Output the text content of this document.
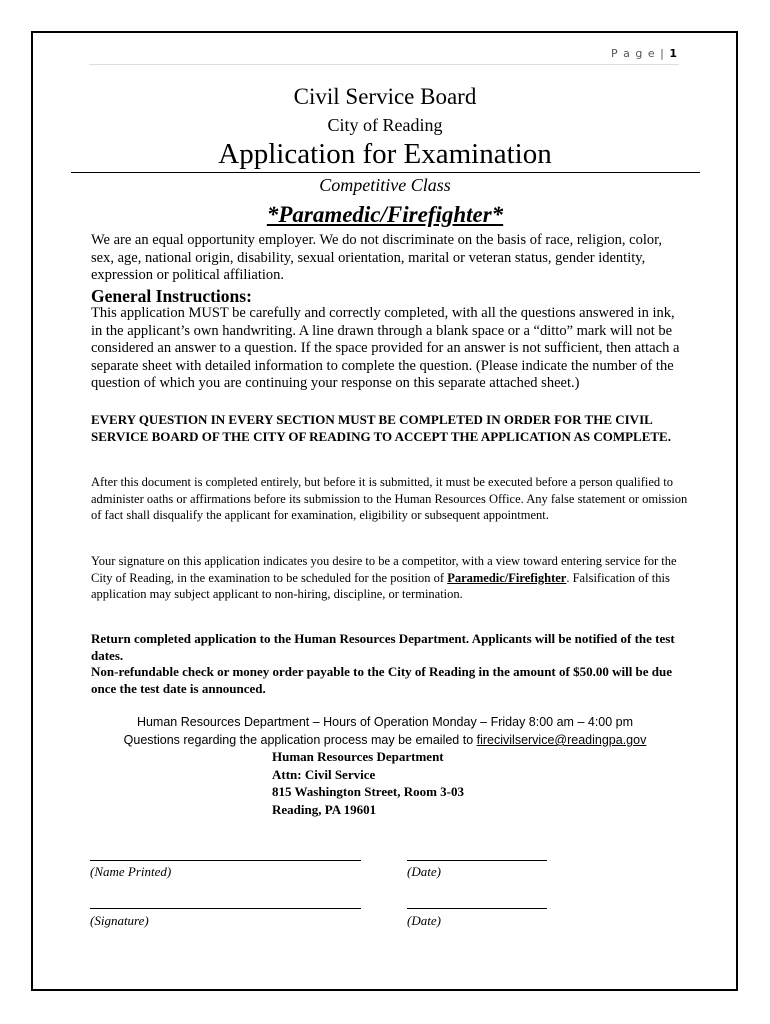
P a g e | 1
Civil Service Board
City of Reading
Application for Examination
Competitive Class
*Paramedic/Firefighter*
We are an equal opportunity employer. We do not discriminate on the basis of race, religion, color, sex, age, national origin, disability, sexual orientation, marital or veteran status, gender identity, expression or political affiliation.
General Instructions:
This application MUST be carefully and correctly completed, with all the questions answered in ink, in the applicant’s own handwriting. A line drawn through a blank space or a “ditto” mark will not be considered an answer to a question. If the space provided for an answer is not sufficient, then attach a separate sheet with detailed information to complete the question. (Please indicate the number of the question of which you are continuing your response on this separate attached sheet.)
EVERY QUESTION IN EVERY SECTION MUST BE COMPLETED IN ORDER FOR THE CIVIL SERVICE BOARD OF THE CITY OF READING TO ACCEPT THE APPLICATION AS COMPLETE.
After this document is completed entirely, but before it is submitted, it must be executed before a person qualified to administer oaths or affirmations before its submission to the Human Resources Office. Any false statement or omission of fact shall disqualify the applicant for examination, eligibility or subsequent appointment.
Your signature on this application indicates you desire to be a competitor, with a view toward entering service for the City of Reading, in the examination to be scheduled for the position of Paramedic/Firefighter. Falsification of this application may subject applicant to non-hiring, discipline, or termination.
Return completed application to the Human Resources Department. Applicants will be notified of the test dates.
Non-refundable check or money order payable to the City of Reading in the amount of $50.00 will be due once the test date is announced.
Human Resources Department – Hours of Operation Monday – Friday 8:00 am – 4:00 pm
Questions regarding the application process may be emailed to firecivilservice@readingpa.gov
Human Resources Department
Attn: Civil Service
815 Washington Street, Room 3-03
Reading, PA 19601
(Name Printed)	(Date)
(Signature)	(Date)
